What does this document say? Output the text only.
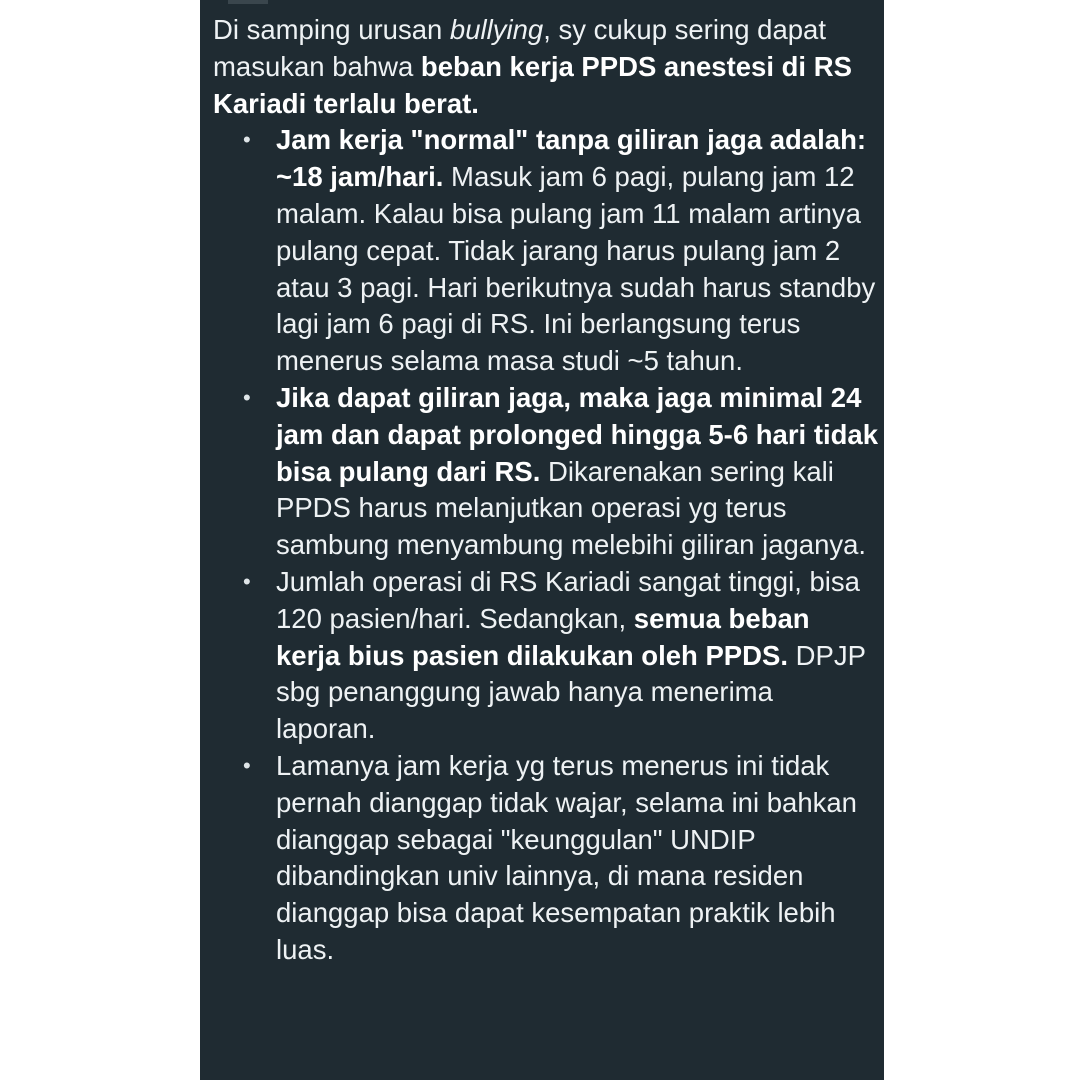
Di samping urusan bullying, sy cukup sering dapat masukan bahwa beban kerja PPDS anestesi di RS Kariadi terlalu berat.

• Jam kerja "normal" tanpa giliran jaga adalah: ~18 jam/hari. Masuk jam 6 pagi, pulang jam 12 malam. Kalau bisa pulang jam 11 malam artinya pulang cepat. Tidak jarang harus pulang jam 2 atau 3 pagi. Hari berikutnya sudah harus standby lagi jam 6 pagi di RS. Ini berlangsung terus menerus selama masa studi ~5 tahun.
• Jika dapat giliran jaga, maka jaga minimal 24 jam dan dapat prolonged hingga 5-6 hari tidak bisa pulang dari RS. Dikarenakan sering kali PPDS harus melanjutkan operasi yg terus sambung menyambung melebihi giliran jaganya.
• Jumlah operasi di RS Kariadi sangat tinggi, bisa 120 pasien/hari. Sedangkan, semua beban kerja bius pasien dilakukan oleh PPDS. DPJP sbg penanggung jawab hanya menerima laporan.
• Lamanya jam kerja yg terus menerus ini tidak pernah dianggap tidak wajar, selama ini bahkan dianggap sebagai "keunggulan" UNDIP dibandingkan univ lainnya, di mana residen dianggap bisa dapat kesempatan praktik lebih luas.
